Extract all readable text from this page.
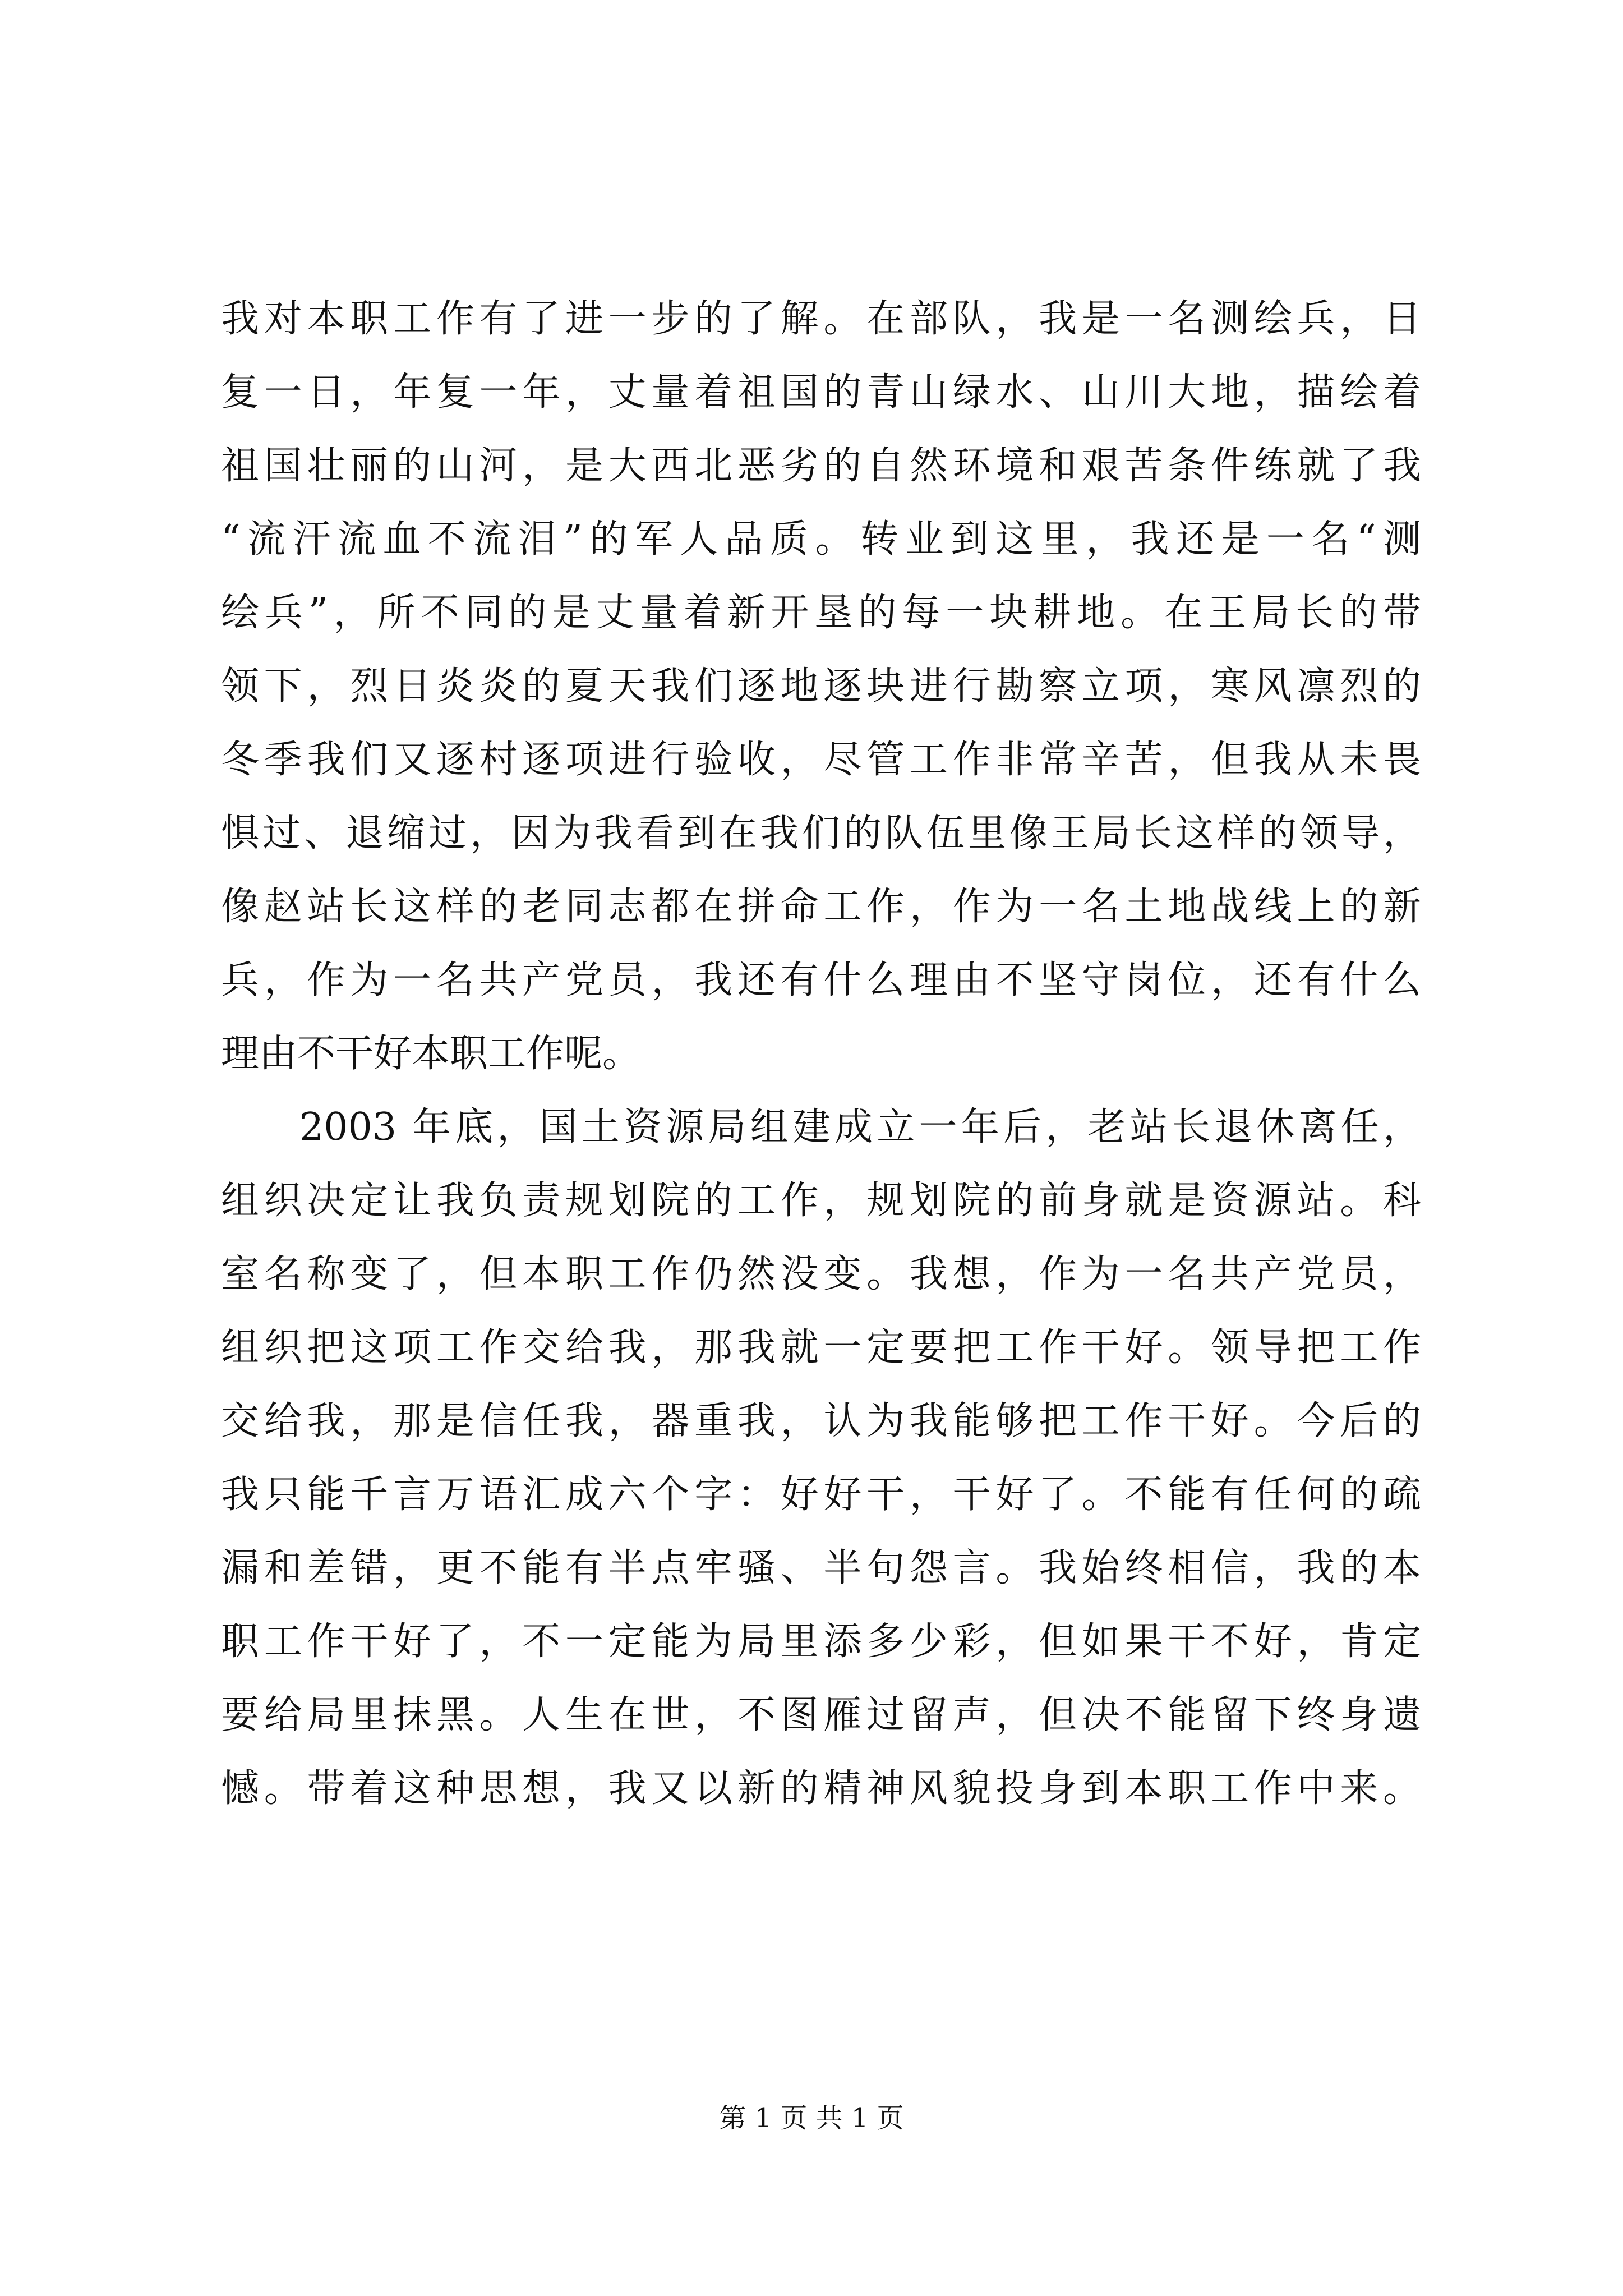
我对本职工作有了进一步的了解。在部队，我是一名测绘兵，日
复一日，年复一年，丈量着祖国的青山绿水、山川大地，描绘着
祖国壮丽的山河，是大西北恶劣的自然环境和艰苦条件练就了我
“流汗流血不流泪”的军人品质。转业到这里，我还是一名“测
绘兵”，所不同的是丈量着新开垦的每一块耕地。在王局长的带
领下，烈日炎炎的夏天我们逐地逐块进行勘察立项，寒风凛烈的
冬季我们又逐村逐项进行验收，尽管工作非常辛苦，但我从未畏
惧过、退缩过，因为我看到在我们的队伍里像王局长这样的领导，
像赵站长这样的老同志都在拼命工作，作为一名土地战线上的新
兵，作为一名共产党员，我还有什么理由不坚守岗位，还有什么
理由不干好本职工作呢。
2003 年底，国土资源局组建成立一年后，老站长退休离任，
组织决定让我负责规划院的工作，规划院的前身就是资源站。科
室名称变了，但本职工作仍然没变。我想，作为一名共产党员，
组织把这项工作交给我，那我就一定要把工作干好。领导把工作
交给我，那是信任我，器重我，认为我能够把工作干好。今后的
我只能千言万语汇成六个字：好好干，干好了。不能有任何的疏
漏和差错，更不能有半点牢骚、半句怨言。我始终相信，我的本
职工作干好了，不一定能为局里添多少彩，但如果干不好，肯定
要给局里抹黑。人生在世，不图雁过留声，但决不能留下终身遗
憾。带着这种思想，我又以新的精神风貌投身到本职工作中来。
第 1 页 共 1 页
